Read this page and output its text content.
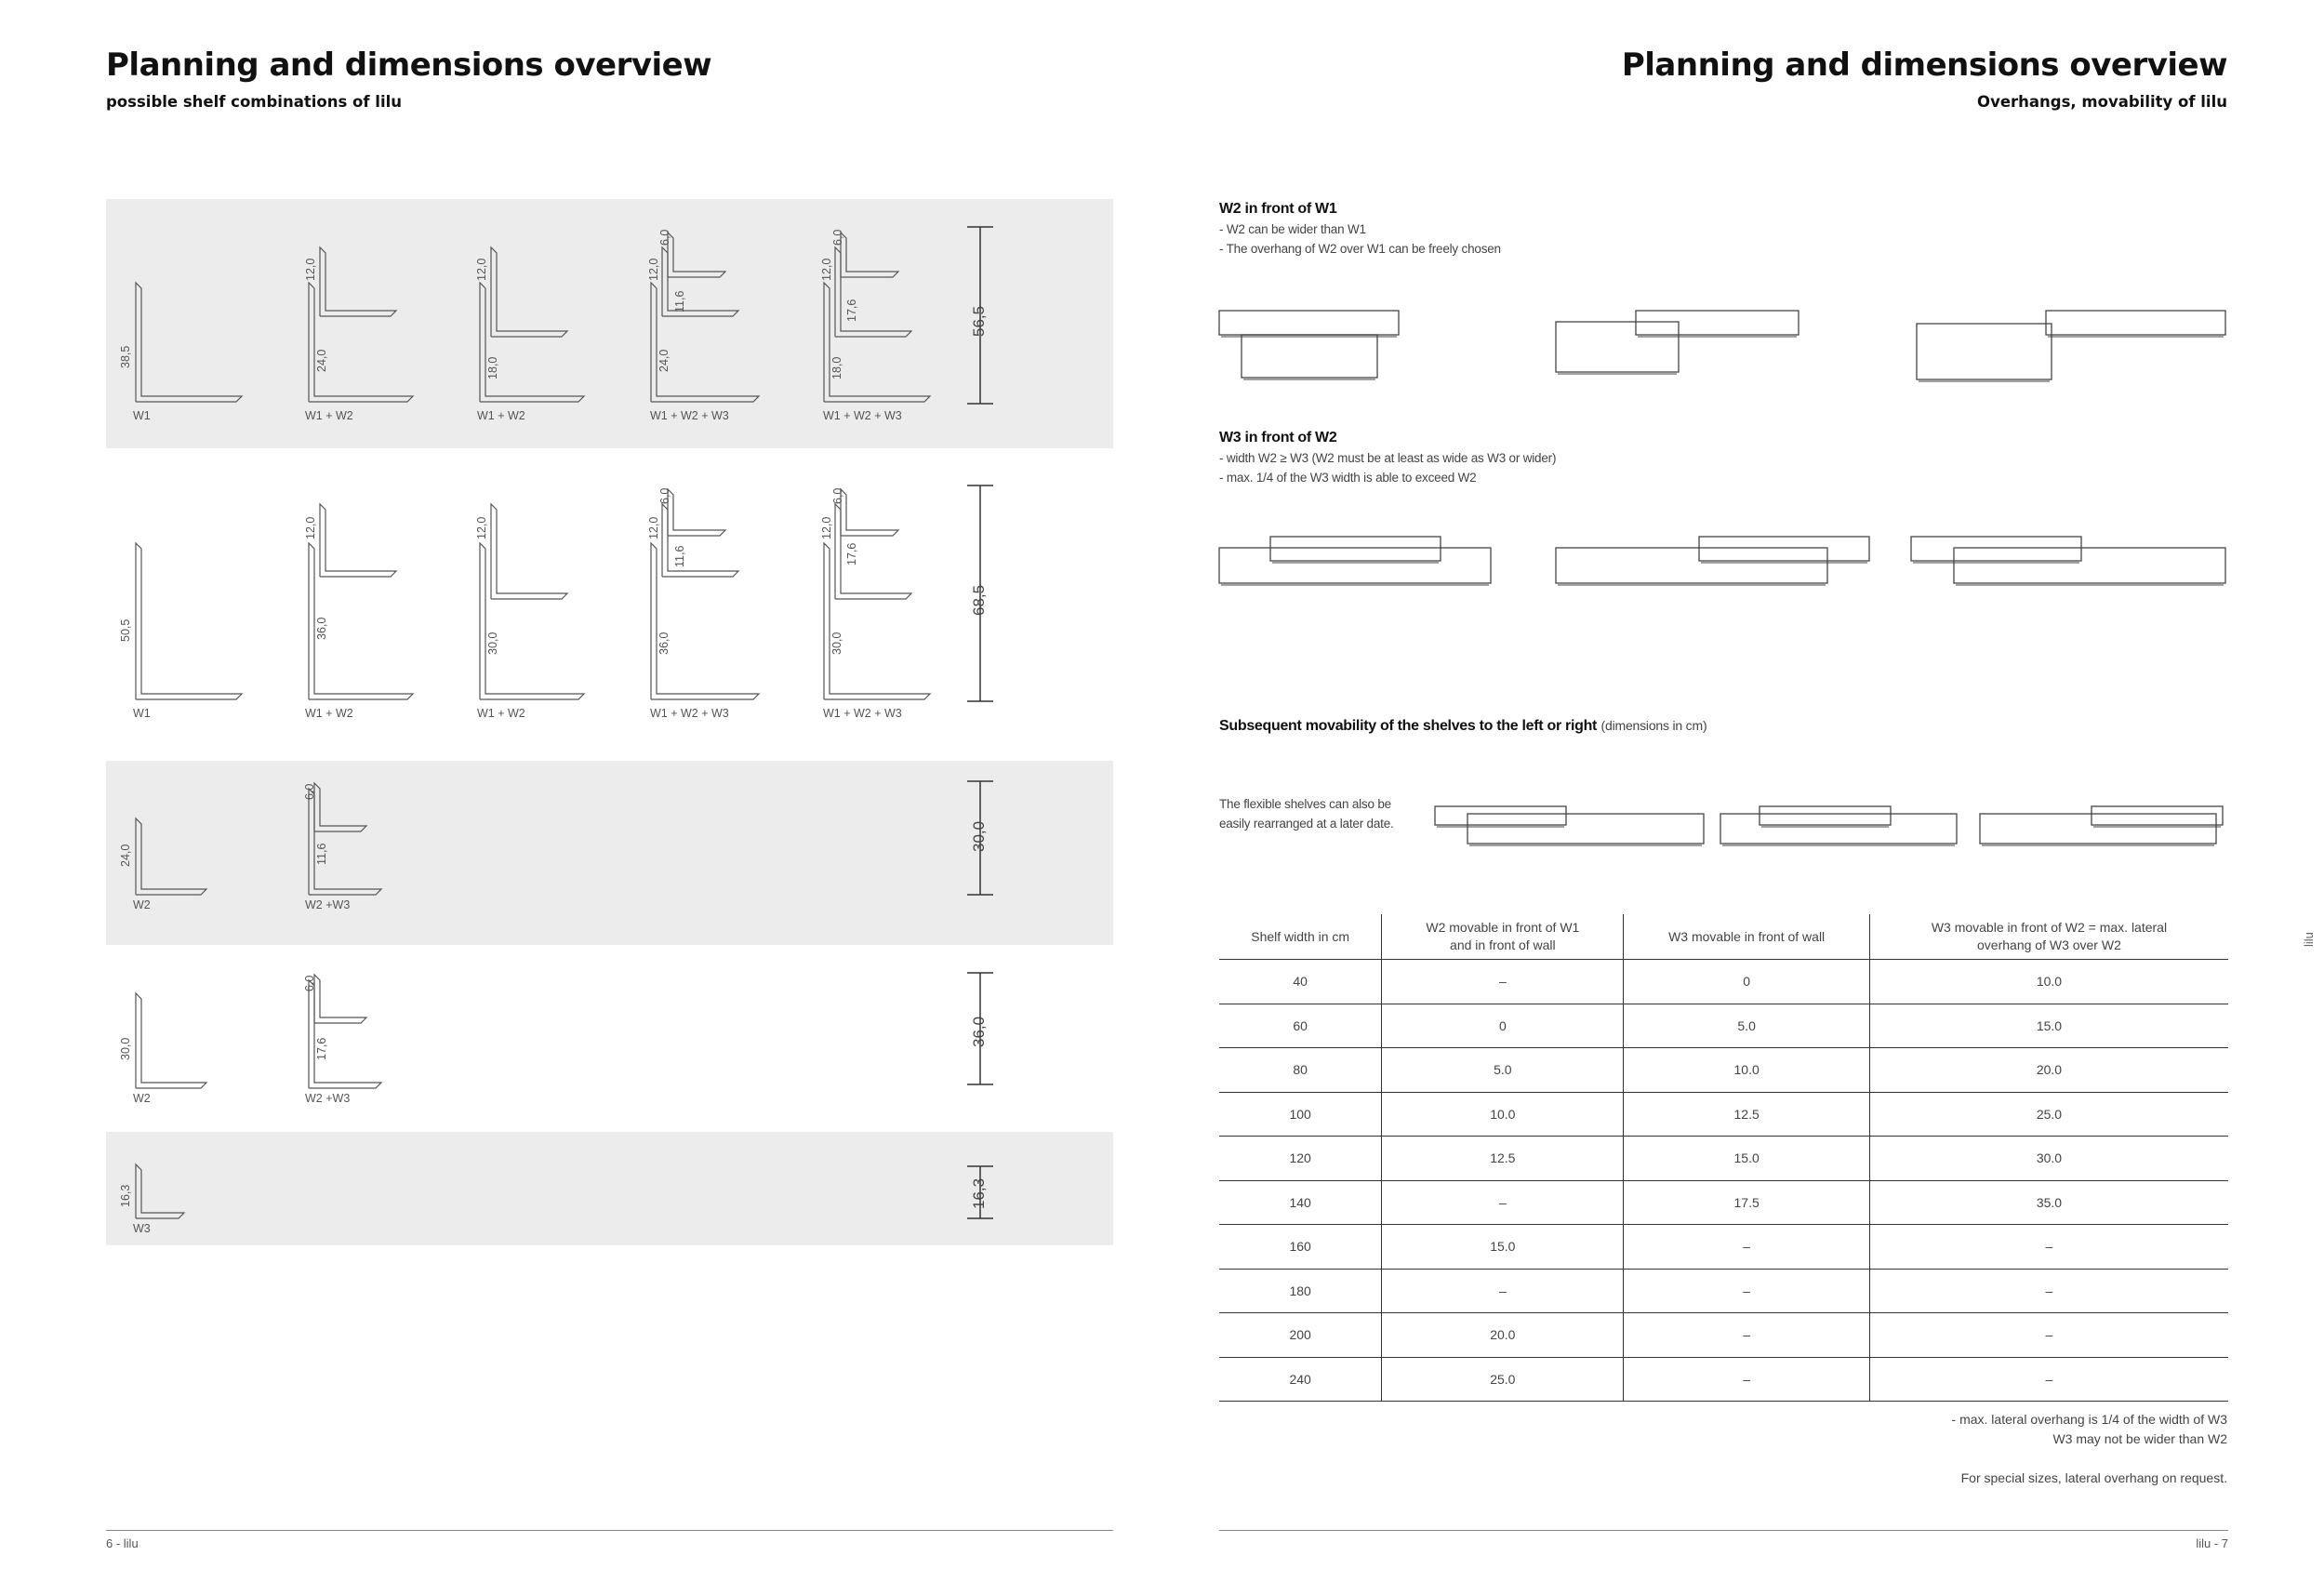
Planning and dimensions overview
possible shelf combinations of lilu
38,5
W1
24,0
12,0
W1 + W2
18,0
12,0
W1 + W2
24,0
12,0
11,6
6,0
W1 + W2 + W3
18,0
12,0
17,6
6,0
W1 + W2 + W3
56,5
50,5
W1
36,0
12,0
W1 + W2
30,0
12,0
W1 + W2
36,0
12,0
11,6
6,0
W1 + W2 + W3
30,0
12,0
17,6
6,0
W1 + W2 + W3
68,5
24,0
W2
11,6
6,0
W2 +W3
30,0
30,0
W2
17,6
6,0
W2 +W3
36,0
16,3
W3
16,3
6 - lilu
Planning and dimensions overview
Overhangs, movability of lilu
W2 in front of W1
- W2 can be wider than W1
- The overhang of W2 over W1 can be freely chosen
W3 in front of W2
- width W2 ≥ W3 (W2 must be at least as wide as W3 or wider)
- max. 1/4 of the W3 width is able to exceed W2
Subsequent movability of the shelves to the left or right (dimensions in cm)
The flexible shelves can also be
easily rearranged at a later date.
Shelf width in cm	W2 movable in front of W1
and in front of wall	W3 movable in front of wall	W3 movable in front of W2 = max. lateral
overhang of W3 over W2
40	–	0	10.0
60	0	5.0	15.0
80	5.0	10.0	20.0
100	10.0	12.5	25.0
120	12.5	15.0	30.0
140	–	17.5	35.0
160	15.0	–	–
180	–	–	–
200	20.0	–	–
240	25.0	–	–
- max. lateral overhang is 1/4 of the width of W3
W3 may not be wider than W2
For special sizes, lateral overhang on request.
lilu
lilu - 7
